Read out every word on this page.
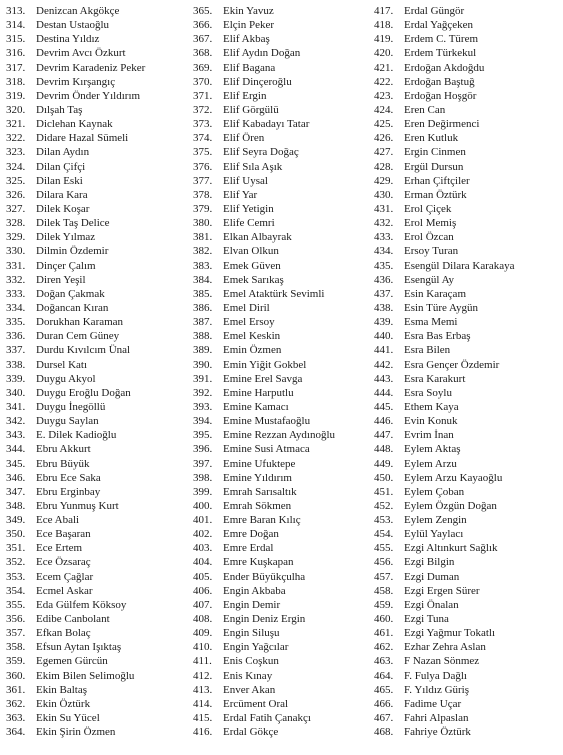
313. Denizcan Akgökçe
314. Destan Ustaoğlu
315. Destina Yıldız
316. Devrim Avcı Özkurt
317. Devrim Karadeniz Peker
318. Devrim Kırşangıç
319. Devrim Önder Yıldırım
320. Dılşah Taş
321. Diclehan Kaynak
322. Didare Hazal Sümeli
323. Dilan Aydın
324. Dilan Çifçi
325. Dilan Eski
326. Dilara Kara
327. Dilek Koşar
328. Dilek Taş Delice
329. Dilek Yılmaz
330. Dilmin Özdemir
331. Dinçer Çalım
332. Diren Yeşil
333. Doğan Çakmak
334. Doğancan Kıran
335. Dorukhan Karaman
336. Duran Cem Güney
337. Durdu Kıvılcım Ünal
338. Dursel Katı
339. Duygu Akyol
340. Duygu Eroğlu Doğan
341. Duygu İnegöllü
342. Duygu Saylan
343. E. Dilek Kadioğlu
344. Ebru Akkurt
345. Ebru Büyük
346. Ebru Ece Saka
347. Ebru Erginbay
348. Ebru Yunmuş Kurt
349. Ece Abali
350. Ece Başaran
351. Ece Ertem
352. Ece Özsaraç
353. Ecem Çağlar
354. Ecmel Askar
355. Eda Gülfem Köksoy
356. Edibe Canbolant
357. Efkan Bolaç
358. Efsun Aytan Işıktaş
359. Egemen Gürcün
360. Ekim Bilen Selimoğlu
361. Ekin Baltaş
362. Ekin Öztürk
363. Ekin Su Yücel
364. Ekin Şirin Özmen
365. Ekin Yavuz
366. Elçin Peker
367. Elif Akbaş
368. Elif Aydın Doğan
369. Elif Bagana
370. Elif Dinçeroğlu
371. Elif Ergin
372. Elif Görgülü
373. Elif Kabadayı Tatar
374. Elif Ören
375. Elif Seyra Doğaç
376. Elif Sıla Aşık
377. Elif Uysal
378. Elif Yar
379. Elif Yetigin
380. Elife Cemri
381. Elkan Albayrak
382. Elvan Olkun
383. Emek Güven
384. Emek Sarıkaş
385. Emel Ataktürk Sevimli
386. Emel Diril
387. Emel Ersoy
388. Emel Keskin
389. Emin Özmen
390. Emin Yiğit Gokbel
391. Emine Erel Savga
392. Emine Harputlu
393. Emine Kamacı
394. Emine Mustafaoğlu
395. Emine Rezzan Aydınoğlu
396. Emine Susi Atmaca
397. Emine Ufuktepe
398. Emine Yıldırım
399. Emrah Sarısaltık
400. Emrah Sökmen
401. Emre Baran Kılıç
402. Emre Doğan
403. Emre Erdal
404. Emre Kuşkapan
405. Ender Büyükçulha
406. Engin Akbaba
407. Engin Demir
408. Engin Deniz Ergin
409. Engin Siluşu
410. Engin Yağcılar
411. Enis Coşkun
412. Enis Kınay
413. Enver Akan
414. Ercüment Oral
415. Erdal Fatih Çanakçı
416. Erdal Gökçe
417. Erdal Güngör
418. Erdal Yağçeken
419. Erdem C. Türem
420. Erdem Türkekul
421. Erdoğan Akdoğdu
422. Erdoğan Baştuğ
423. Erdoğan Hoşgör
424. Eren Can
425. Eren Değirmenci
426. Eren Kutluk
427. Ergin Cinmen
428. Ergül Dursun
429. Erhan Çiftçiler
430. Erman Öztürk
431. Erol Çiçek
432. Erol Memiş
433. Erol Özcan
434. Ersoy Turan
435. Esengül Dilara Karakaya
436. Esengül Ay
437. Esin Karaçam
438. Esin Türe Aygün
439. Esma Memi
440. Esra Bas Erbaş
441. Esra Bilen
442. Esra Gençer Özdemir
443. Esra Karakurt
444. Esra Soylu
445. Ethem Kaya
446. Evin Konuk
447. Evrim İnan
448. Eylem Aktaş
449. Eylem Arzu
450. Eylem Arzu Kayaoğlu
451. Eylem Çoban
452. Eylem Özgün Doğan
453. Eylem Zengin
454. Eylül Yaylacı
455. Ezgi Altınkurt Sağlık
456. Ezgi Bilgin
457. Ezgi Duman
458. Ezgi Ergen Sürer
459. Ezgi Önalan
460. Ezgi Tuna
461. Ezgi Yağmur Tokatlı
462. Ezhar Zehra Aslan
463. F Nazan Sönmez
464. F. Fulya Dağlı
465. F. Yıldız Güriş
466. Fadime Uçar
467. Fahri Alpaslan
468. Fahriye Öztürk
